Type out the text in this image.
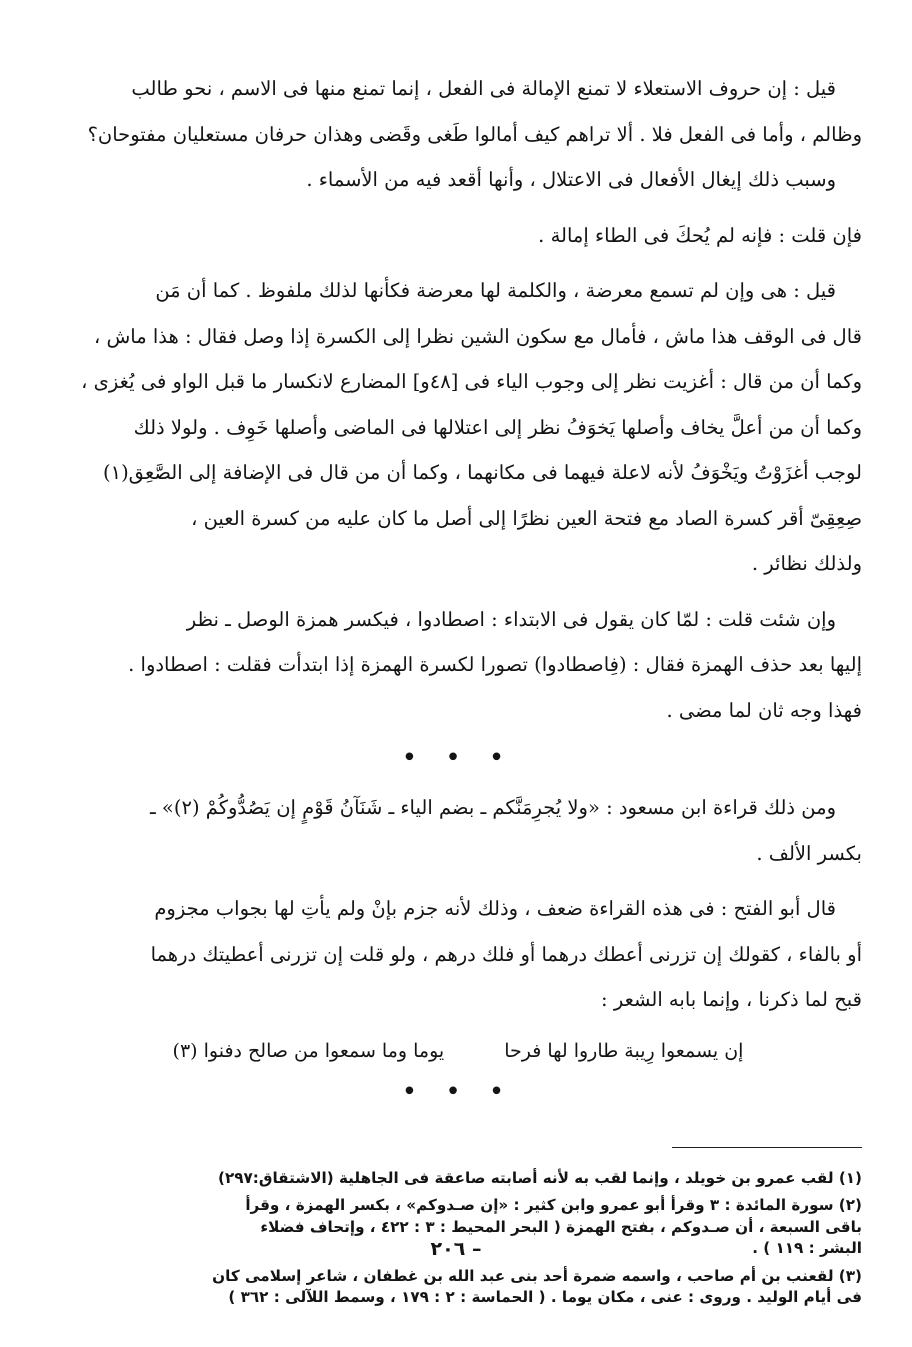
قيل : إن حروف الاستعلاء لا تمنع الإمالة فى الفعل ، إنما تمنع منها فى الاسم ، نحو طالب
وظالم ، وأما فى الفعل فلا . ألا تراهم كيف أمالوا طَغى وقَضى وهذان حرفان مستعليان مفتوحان؟
وسبب ذلك إيغال الأفعال فى الاعتلال ، وأنها أقعد فيه من الأسماء .

فإن قلت : فإنه لم يُحكَ فى الطاء إمالة .

قيل : هى وإن لم تسمع معرضة ، والكلمة لها معرضة فكأنها لذلك ملفوظ . كما أن مَن
قال فى الوقف هذا ماش ، فأمال مع سكون الشين نظرا إلى الكسرة إذا وصل فقال : هذا ماش ،
وكما أن من قال : أغزيت نظر إلى وجوب الياء فى [٤٨و] المضارع لانكسار ما قبل الواو فى يُغزى ،
وكما أن من أعلَّ يخاف وأصلها يَخوَفُ نظر إلى اعتلالها فى الماضى وأصلها خَوِف . ولولا ذلك
لوجب أغزَوْتُ ويَخْوَفُ لأنه لاعلة فيهما فى مكانهما ، وكما أن من قال فى الإضافة إلى الصَّعِق(١)
صِعِقِىّ أقر كسرة الصاد مع فتحة العين نظرًا إلى أصل ما كان عليه من كسرة العين ،
ولذلك نظائر .

وإن شئت قلت : لمّا كان يقول فى الابتداء : اصطادوا ، فيكسر همزة الوصل ـ نظر
إليها بعد حذف الهمزة فقال : (فِاصطادوا) تصورا لكسرة الهمزة إذا ابتدأت فقلت : اصطادوا .
فهذا وجه ثان لما مضى .

• • •

ومن ذلك قراءة ابن مسعود : «ولا يُجرِمَنَّكم ـ بضم الياء ـ شَنَآنُ قَوْمٍ إن يَصُدُّوكُمْ (٢)» ـ
بكسر الألف .

قال أبو الفتح : فى هذه القراءة ضعف ، وذلك لأنه جزم بإنْ ولم يأتِ لها بجواب مجزوم
أو بالفاء ، كقولك إن تزرنى أعطك درهما أو فلك درهم ، ولو قلت إن تزرنى أعطيتك درهما
قبح لما ذكرنا ، وإنما بابه الشعر :

إن يسمعوا رِيبة طاروا لها فرحا
يوما وما سمعوا من صالح دفنوا (٣)
• • •

(١) لقب عمرو بن خويلد ، وإنما لقب به لأنه أصابته صاعقة فى الجاهلية (الاشتقاق:٢٩٧)

(٢) سورة المائدة : ٣ وقرأ أبو عمرو وابن كثير : «إن صـدوكم» ، بكسر الهمزة ، وقرأ
باقى السبعة ، أن صـدوكم ، بفتح الهمزة ( البحر المحيط : ٣ : ٤٢٢ ، وإتحاف فضلاء
البشر : ١١٩ ) .

(٣) لقعنب بن أم صاحب ، واسمه ضمرة أحد بنى عبد الله بن غطفان ، شاعر إسلامى كان
فى أيام الوليد . وروى : عنى ، مكان يوما . ( الحماسة : ٢ : ١٧٩ ، وسمط اللآلى : ٣٦٢ )

– ٢٠٦
